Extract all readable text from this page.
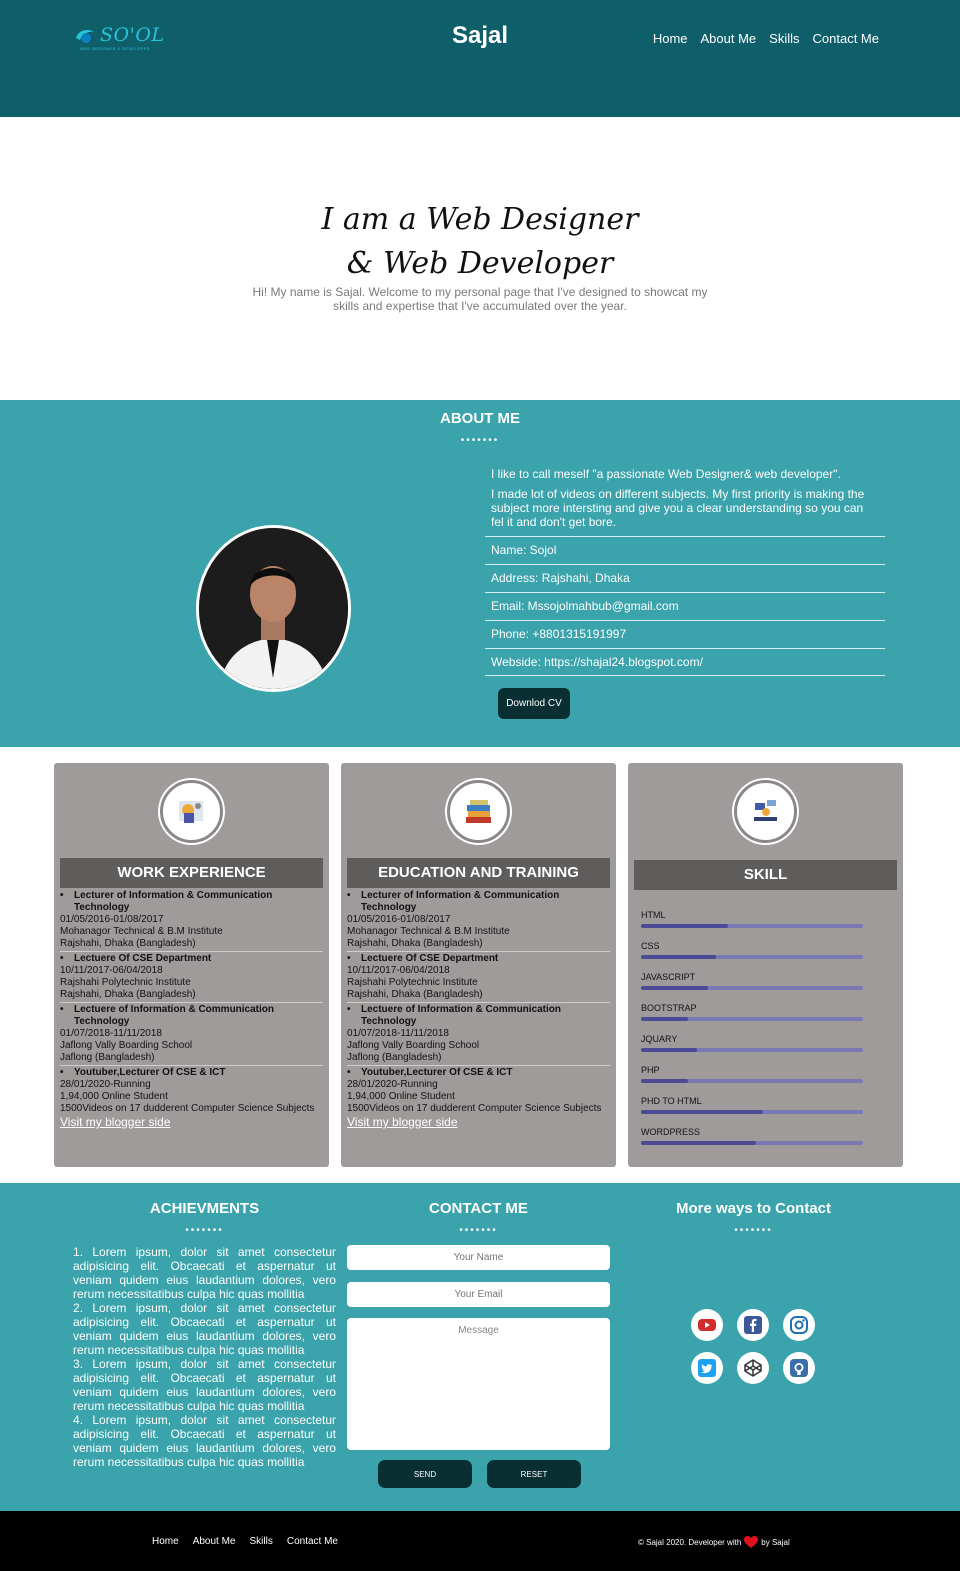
SO'OL
WEB DESIGNER & DEVELOPER	Sajal	Home About Me Skills Contact Me
I am a Web Designer
& Web Developer
Hi! My name is Sajal. Welcome to my personal page that I've designed to showcat my skills and expertise that I've accumulated over the year.
ABOUT ME
•••••••

I like to call meself "a passionate Web Designer& web developer".

I made lot of videos on different subjects. My first priority is making the subject more intersting and give you a clear understanding so you can fel it and don't get bore.

Name: Sojol
Address: Rajshahi, Dhaka
Email: Mssojolmahbub@gmail.com
Phone: +8801315191997
Webside: https://shajal24.blogspot.com/
Downlod CV
WORK EXPERIENCE
• Lecturer of Information & Communication Technology
01/05/2016-01/08/2017
Mohanagor Technical & B.M Institute
Rajshahi, Dhaka (Bangladesh)
• Lectuere Of CSE Department
10/11/2017-06/04/2018
Rajshahi Polytechnic Institute
Rajshahi, Dhaka (Bangladesh)
• Lectuere of Information & Communication Technology
01/07/2018-11/11/2018
Jaflong Vally Boarding School
Jaflong (Bangladesh)
• Youtuber,Lecturer Of CSE & ICT
28/01/2020-Running
1,94,000 Online Student
1500Videos on 17 dudderent Computer Science Subjects
Visit my blogger side
EDUCATION AND TRAINING
• Lecturer of Information & Communication Technology
01/05/2016-01/08/2017
Mohanagor Technical & B.M Institute
Rajshahi, Dhaka (Bangladesh)
• Lectuere Of CSE Department
10/11/2017-06/04/2018
Rajshahi Polytechnic Institute
Rajshahi, Dhaka (Bangladesh)
• Lectuere of Information & Communication Technology
01/07/2018-11/11/2018
Jaflong Vally Boarding School
Jaflong (Bangladesh)
• Youtuber,Lecturer Of CSE & ICT
28/01/2020-Running
1,94,000 Online Student
1500Videos on 17 dudderent Computer Science Subjects
Visit my blogger side
SKILL
HTML
CSS
JAVASCRIPT
BOOTSTRAP
JQUARY
PHP
PHD TO HTML
WORDPRESS
ACHIEVMENTS
•••••••

1. Lorem ipsum, dolor sit amet consectetur adipisicing elit. Obcaecati et aspernatur ut veniam quidem eius laudantium dolores, vero rerum necessitatibus culpa hic quas mollitia

2. Lorem ipsum, dolor sit amet consectetur adipisicing elit. Obcaecati et aspernatur ut veniam quidem eius laudantium dolores, vero rerum necessitatibus culpa hic quas mollitia

3. Lorem ipsum, dolor sit amet consectetur adipisicing elit. Obcaecati et aspernatur ut veniam quidem eius laudantium dolores, vero rerum necessitatibus culpa hic quas mollitia

4. Lorem ipsum, dolor sit amet consectetur adipisicing elit. Obcaecati et aspernatur ut veniam quidem eius laudantium dolores, vero rerum necessitatibus culpa hic quas mollitia

CONTACT ME
•••••••
Your Name
Your Email
Message
SEND	RESET
More ways to Contact
•••••••
Home About Me Skills Contact Me	© Sajal 2020. Developer with	by Sajal
